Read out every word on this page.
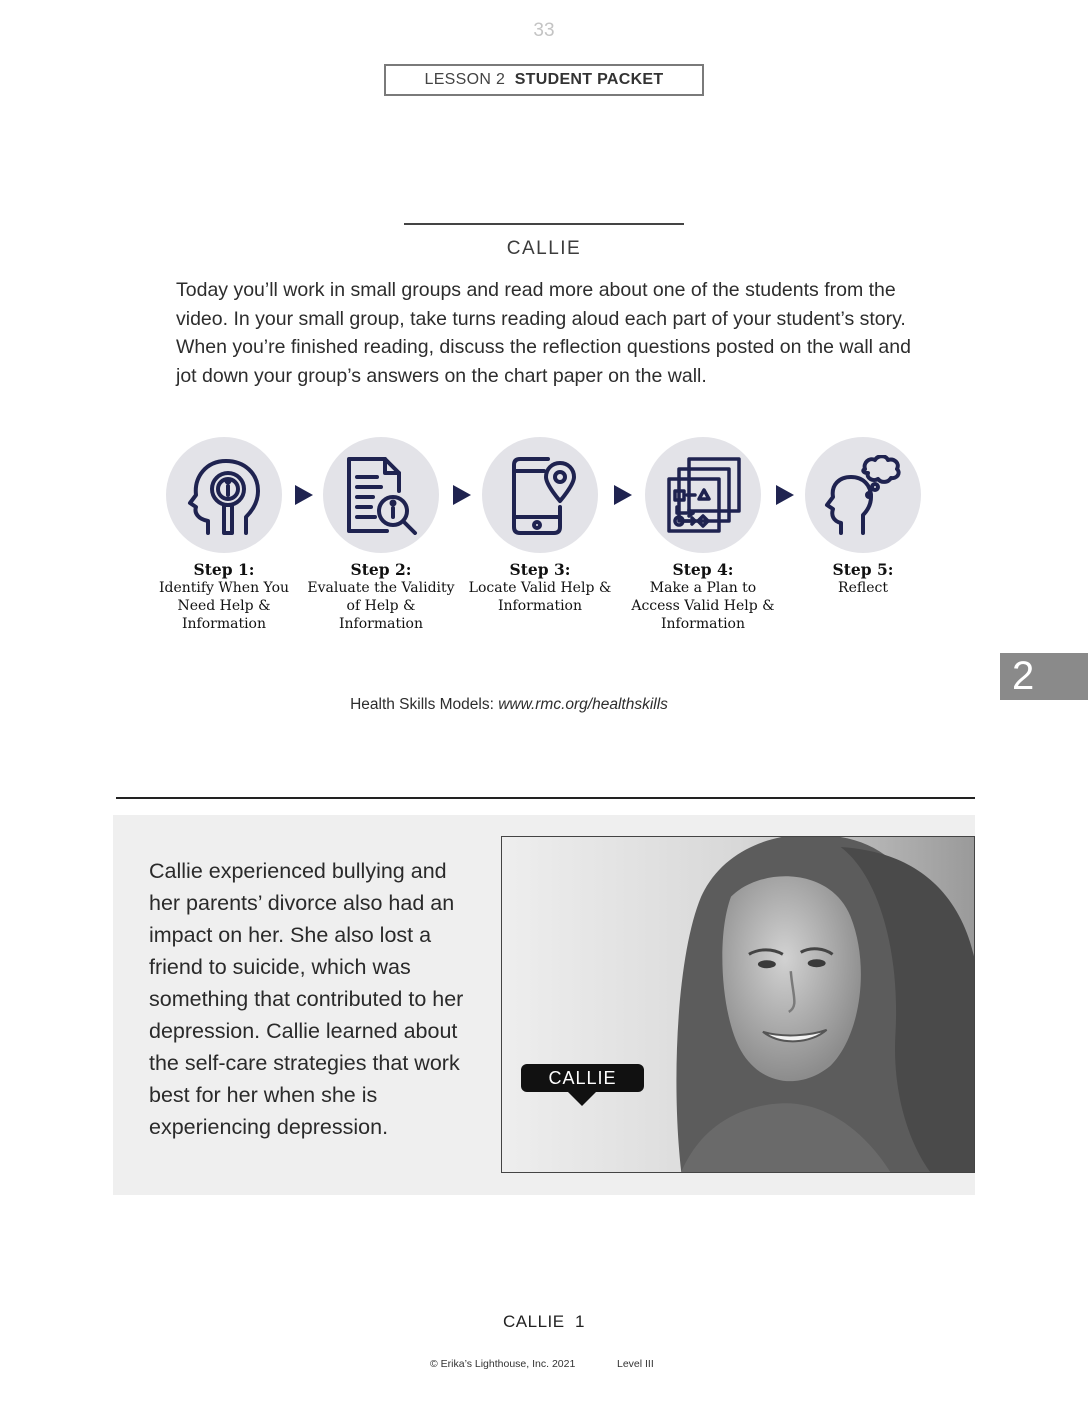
33
LESSON 2 STUDENT PACKET
CALLIE

Today you’ll work in small groups and read more about one of the students from the video. In your small group, take turns reading aloud each part of your student’s story. When you’re finished reading, discuss the reflection questions posted on the wall and jot down your group’s answers on the chart paper on the wall.

Step 1:
Identify When You Need Help & Information
Step 2:
Evaluate the Validity of Help & Information
Step 3:
Locate Valid Help & Information
Step 4:
Make a Plan to Access Valid Help & Information
Step 5:
Reflect
Health Skills Models: www.rmc.org/healthskills
2

Callie experienced bullying and her parents’ divorce also had an impact on her. She also lost a friend to suicide, which was something that contributed to her depression. Callie learned about the self-care strategies that work best for her when she is experiencing depression.

CALLIE
CALLIE  1
© Erika’s Lighthouse, Inc. 2021	Level III
